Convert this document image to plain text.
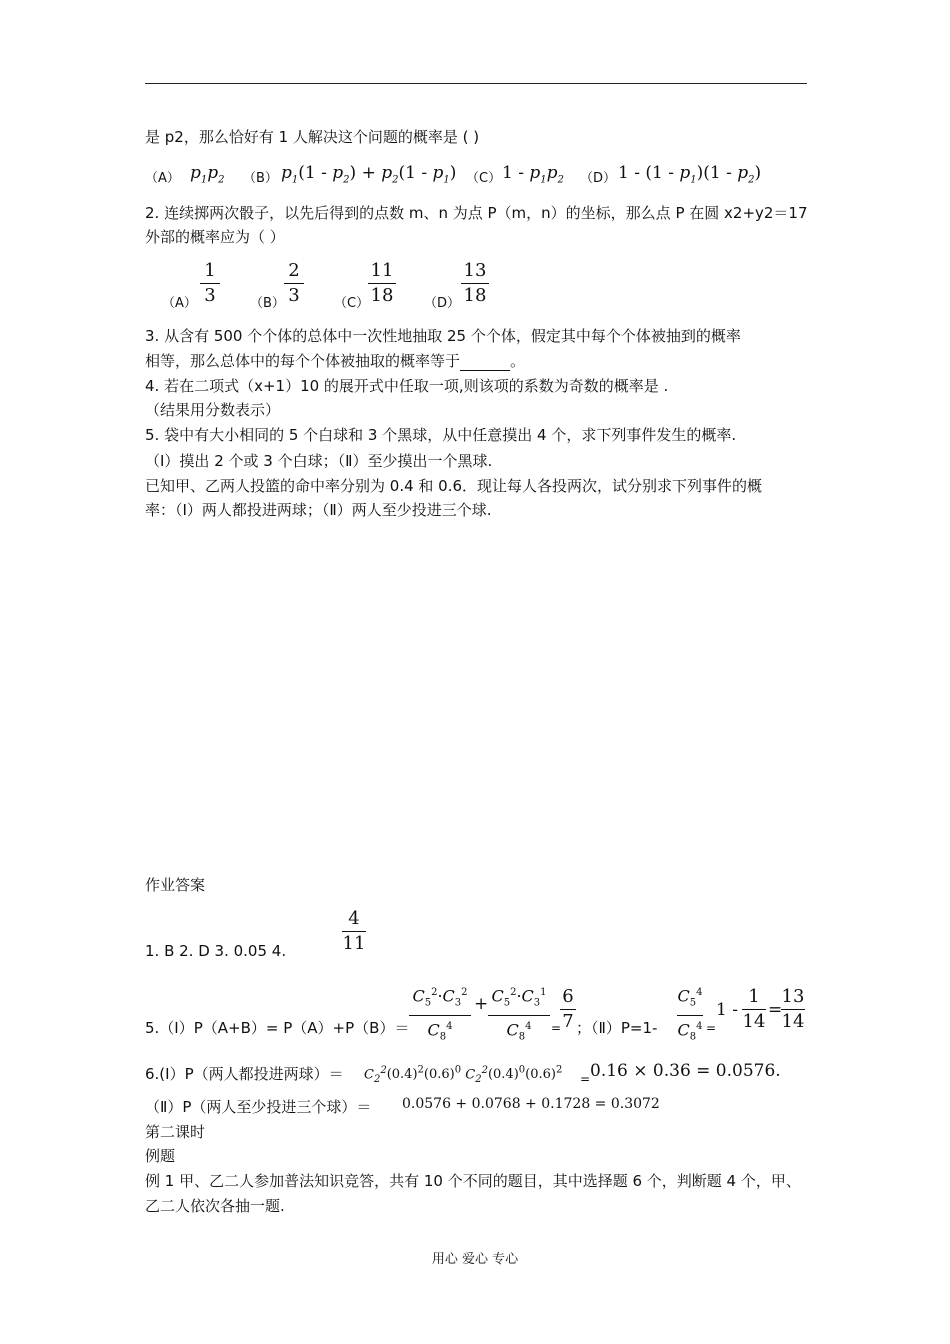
是 p2，那么恰好有 1 人解决这个问题的概率是 ( )
（A） $p_1p_2$ （B） $p_1(1 - p_2) + p_2(1 - p_1)$ （C） $1 - p_1p_2$ （D） $1 - (1 - p_1)(1 - p_2)$
2. 连续掷两次骰子，以先后得到的点数 m、n 为点 P（m，n）的坐标，那么点 P 在圆 x2+y2＝17
外部的概率应为（ ）
（A）
1
3	（B）
2
3	（C）
11
18 （D）
13
18
3. 从含有 500 个个体的总体中一次性地抽取 25 个个体，假定其中每个个体被抽到的概率
相等，那么总体中的每个个体被抽取的概率等于	。
4. 若在二项式（x+1）10 的展开式中任取一项,则该项的系数为奇数的概率是 .
（结果用分数表示）
5. 袋中有大小相同的 5 个白球和 3 个黑球，从中任意摸出 4 个，求下列事件发生的概率.
（Ⅰ）摸出 2 个或 3 个白球；（Ⅱ）至少摸出一个黑球.
已知甲、乙两人投篮的命中率分别为 0.4 和 0.6．现让每人各投两次，试分别求下列事件的概
率：（Ⅰ）两人都投进两球；（Ⅱ）两人至少投进三个球.
作业答案
1. B 2. D 3. 0.05 4.
4
11
5.（Ⅰ）P（A+B）= P（A）+P（B）＝
$C_5^2\cdot C_3^2$
$C_8^4$
+ $C_5^2\cdot C_3^1$
$C_8^4$	=
6
7 ；（Ⅱ）P=1-
$C_5^4$
$C_8^4$ =
1 -
1
14
=
13
14
6.(Ⅰ）P（两人都投进两球）＝ $C_2^2(0.4)^2(0.6)^0$ $C_2^2(0.4)^0(0.6)^2$
= 0.16 × 0.36 = 0.0576.
（Ⅱ）P（两人至少投进三个球）＝ 0.0576 + 0.0768 + 0.1728 = 0.3072
第二课时
例题
例 1 甲、乙二人参加普法知识竞答，共有 10 个不同的题目，其中选择题 6 个，判断题 4 个，甲、
乙二人依次各抽一题.
用心 爱心 专心
